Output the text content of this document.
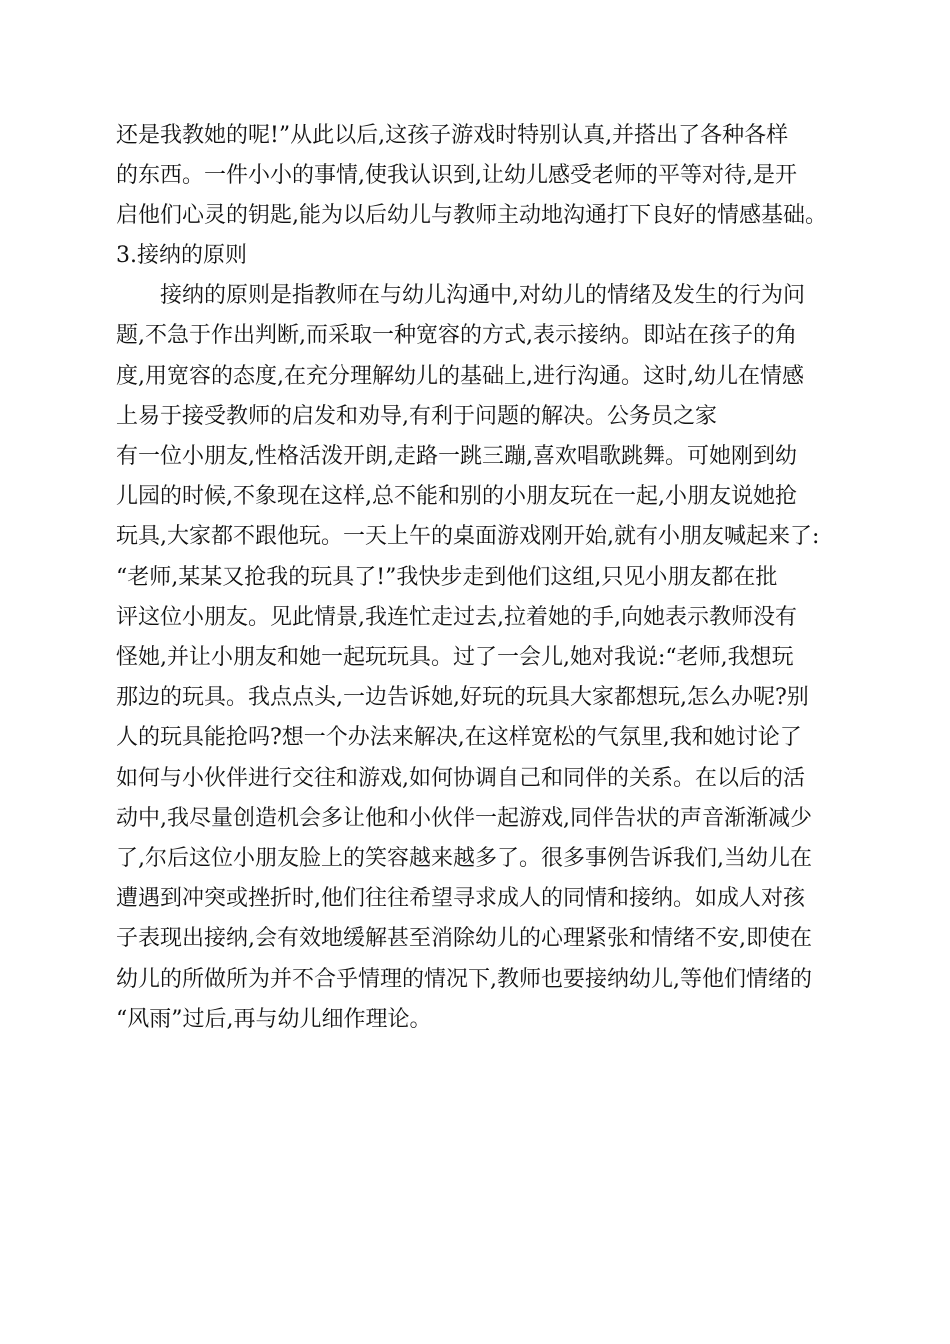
还是我教她的呢!”从此以后,这孩子游戏时特别认真,并搭出了各种各样
的东西。一件小小的事情,使我认识到,让幼儿感受老师的平等对待,是开
启他们心灵的钥匙,能为以后幼儿与教师主动地沟通打下良好的情感基础。
3.接纳的原则
接纳的原则是指教师在与幼儿沟通中,对幼儿的情绪及发生的行为问
题,不急于作出判断,而采取一种宽容的方式,表示接纳。即站在孩子的角
度,用宽容的态度,在充分理解幼儿的基础上,进行沟通。这时,幼儿在情感
上易于接受教师的启发和劝导,有利于问题的解决。公务员之家
有一位小朋友,性格活泼开朗,走路一跳三蹦,喜欢唱歌跳舞。可她刚到幼
儿园的时候,不象现在这样,总不能和别的小朋友玩在一起,小朋友说她抢
玩具,大家都不跟他玩。一天上午的桌面游戏刚开始,就有小朋友喊起来了:
“老师,某某又抢我的玩具了!”我快步走到他们这组,只见小朋友都在批
评这位小朋友。见此情景,我连忙走过去,拉着她的手,向她表示教师没有
怪她,并让小朋友和她一起玩玩具。过了一会儿,她对我说:“老师,我想玩
那边的玩具。我点点头,一边告诉她,好玩的玩具大家都想玩,怎么办呢?别
人的玩具能抢吗?想一个办法来解决,在这样宽松的气氛里,我和她讨论了
如何与小伙伴进行交往和游戏,如何协调自己和同伴的关系。在以后的活
动中,我尽量创造机会多让他和小伙伴一起游戏,同伴告状的声音渐渐减少
了,尔后这位小朋友脸上的笑容越来越多了。很多事例告诉我们,当幼儿在
遭遇到冲突或挫折时,他们往往希望寻求成人的同情和接纳。如成人对孩
子表现出接纳,会有效地缓解甚至消除幼儿的心理紧张和情绪不安,即使在
幼儿的所做所为并不合乎情理的情况下,教师也要接纳幼儿,等他们情绪的
“风雨”过后,再与幼儿细作理论。
